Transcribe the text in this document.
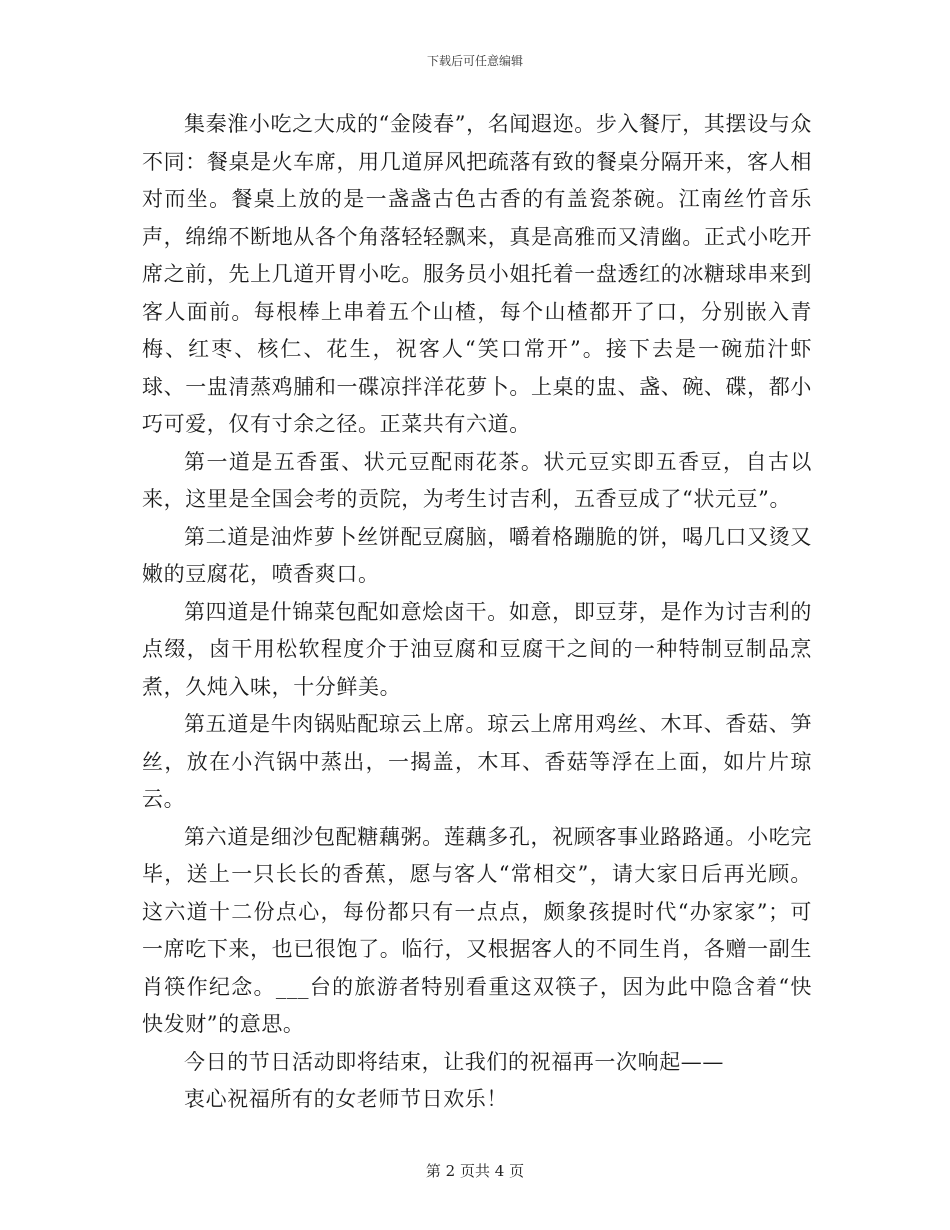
下载后可任意编辑

集秦淮小吃之大成的“金陵春”，名闻遐迩。步入餐厅，其摆设与众不同：餐桌是火车席，用几道屏风把疏落有致的餐桌分隔开来，客人相对而坐。餐桌上放的是一盏盏古色古香的有盖瓷茶碗。江南丝竹音乐声，绵绵不断地从各个角落轻轻飘来，真是高雅而又清幽。正式小吃开席之前，先上几道开胃小吃。服务员小姐托着一盘透红的冰糖球串来到客人面前。每根棒上串着五个山楂，每个山楂都开了口，分别嵌入青梅、红枣、核仁、花生，祝客人“笑口常开”。接下去是一碗茄汁虾球、一盅清蒸鸡脯和一碟凉拌洋花萝卜。上桌的盅、盏、碗、碟，都小巧可爱，仅有寸余之径。正菜共有六道。

第一道是五香蛋、状元豆配雨花茶。状元豆实即五香豆，自古以来，这里是全国会考的贡院，为考生讨吉利，五香豆成了“状元豆”。

第二道是油炸萝卜丝饼配豆腐脑，嚼着格蹦脆的饼，喝几口又烫又嫩的豆腐花，喷香爽口。

第四道是什锦菜包配如意烩卤干。如意，即豆芽，是作为讨吉利的点缀，卤干用松软程度介于油豆腐和豆腐干之间的一种特制豆制品烹煮，久炖入味，十分鲜美。

第五道是牛肉锅贴配琼云上席。琼云上席用鸡丝、木耳、香菇、笋丝，放在小汽锅中蒸出，一揭盖，木耳、香菇等浮在上面，如片片琼云。

第六道是细沙包配糖藕粥。莲藕多孔，祝顾客事业路路通。小吃完毕，送上一只长长的香蕉，愿与客人“常相交”，请大家日后再光顾。这六道十二份点心，每份都只有一点点，颇象孩提时代“办家家”；可一席吃下来，也已很饱了。临行，又根据客人的不同生肖，各赠一副生肖筷作纪念。___台的旅游者特别看重这双筷子，因为此中隐含着“快快发财”的意思。

今日的节日活动即将结束，让我们的祝福再一次响起——

衷心祝福所有的女老师节日欢乐！

第 2 页共 4 页
